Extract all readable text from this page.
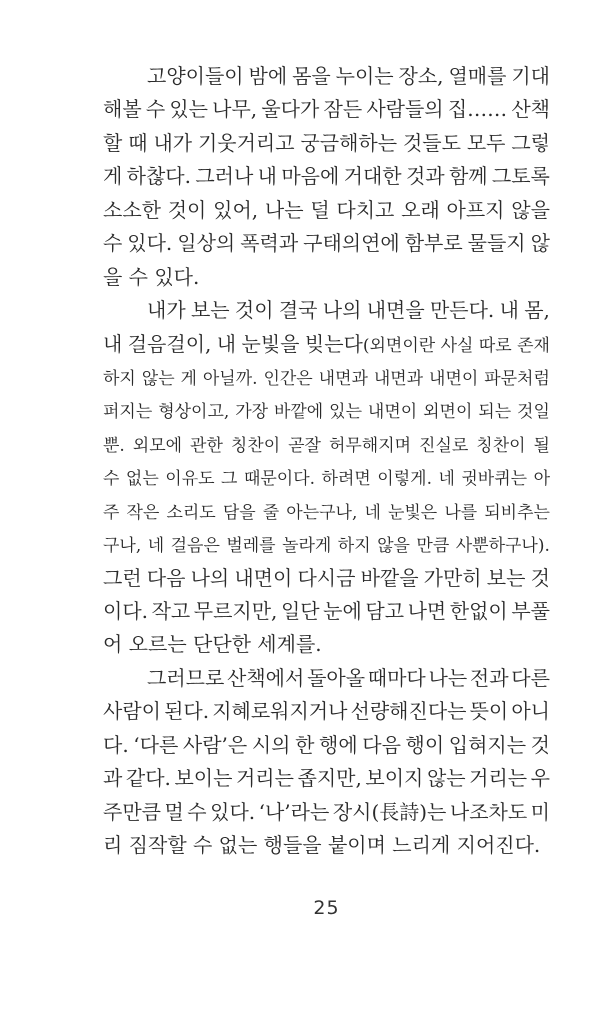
고양이들이 밤에 몸을 누이는 장소, 열매를 기대
해볼 수 있는 나무, 울다가 잠든 사람들의 집…… 산책
할 때 내가 기웃거리고 궁금해하는 것들도 모두 그렇
게 하찮다. 그러나 내 마음에 거대한 것과 함께 그토록
소소한 것이 있어, 나는 덜 다치고 오래 아프지 않을
수 있다. 일상의 폭력과 구태의연에 함부로 물들지 않
을 수 있다.
내가 보는 것이 결국 나의 내면을 만든다. 내 몸,
내 걸음걸이, 내 눈빛을 빚는다(외면이란 사실 따로 존재
하지 않는 게 아닐까. 인간은 내면과 내면과 내면이 파문처럼
퍼지는 형상이고, 가장 바깥에 있는 내면이 외면이 되는 것일
뿐. 외모에 관한 칭찬이 곧잘 허무해지며 진실로 칭찬이 될
수 없는 이유도 그 때문이다. 하려면 이렇게. 네 귓바퀴는 아
주 작은 소리도 담을 줄 아는구나, 네 눈빛은 나를 되비추는
구나, 네 걸음은 벌레를 놀라게 하지 않을 만큼 사뿐하구나).
그런 다음 나의 내면이 다시금 바깥을 가만히 보는 것
이다. 작고 무르지만, 일단 눈에 담고 나면 한없이 부풀
어 오르는 단단한 세계를.
그러므로 산책에서 돌아올 때마다 나는 전과 다른
사람이 된다. 지혜로워지거나 선량해진다는 뜻이 아니
다. ‘다른 사람’은 시의 한 행에 다음 행이 입혀지는 것
과 같다. 보이는 거리는 좁지만, 보이지 않는 거리는 우
주만큼 멀 수 있다. ‘나’라는 장시(長詩)는 나조차도 미
리 짐작할 수 없는 행들을 붙이며 느리게 지어진다.
25
